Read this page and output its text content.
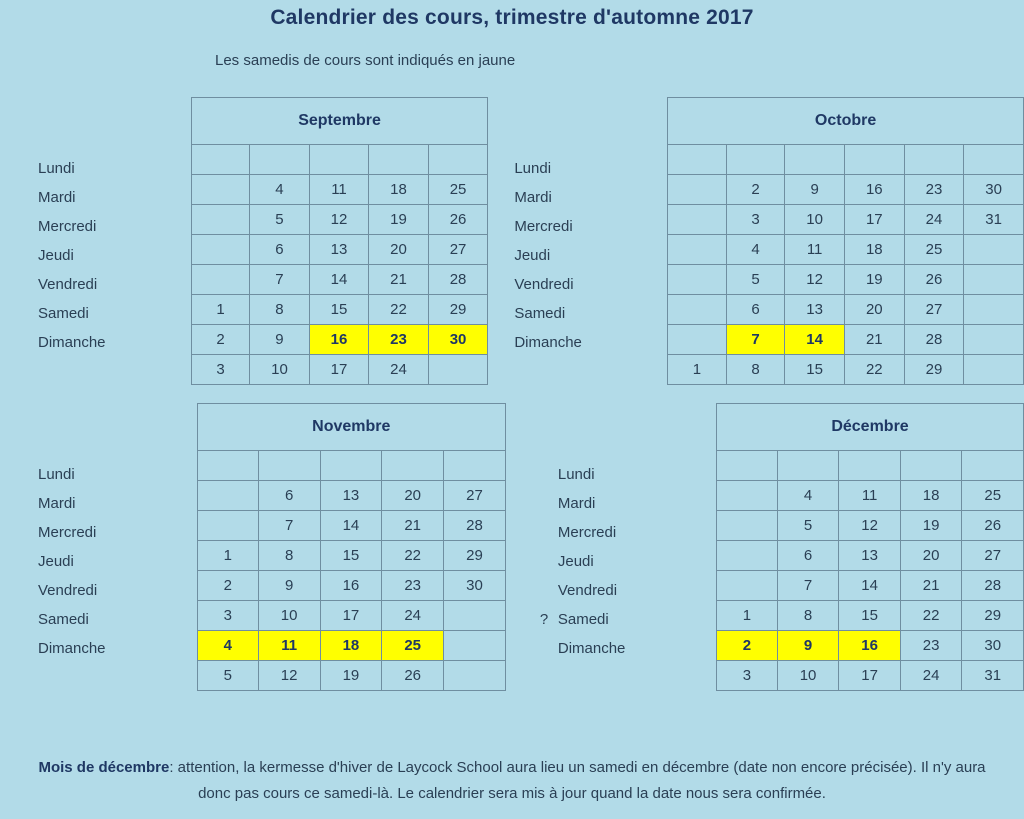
Calendrier des cours, trimestre d'automne 2017
Les samedis de cours sont indiqués en jaune
Lundi
Mardi
Mercredi
Jeudi
Vendredi
Samedi
Dimanche
Septembre				

	4	11	18	25
	5	12	19	26
	6	13	20	27
	7	14	21	28
1	8	15	22	29
2	9	16	23	30
3	10	17	24	
Lundi
Mardi
Mercredi
Jeudi
Vendredi
Samedi
Dimanche
Octobre					

	2	9	16	23	30
	3	10	17	24	31
	4	11	18	25	
	5	12	19	26	
	6	13	20	27	
	7	14	21	28	
1	8	15	22	29	
Lundi
Mardi
Mercredi
Jeudi
Vendredi
Samedi
Dimanche
Novembre				

	6	13	20	27
	7	14	21	28
1	8	15	22	29
2	9	16	23	30
3	10	17	24	
4	11	18	25	
5	12	19	26	
Lundi
Mardi
Mercredi
Jeudi
Vendredi
? Samedi
Dimanche
Décembre				

	4	11	18	25
	5	12	19	26
	6	13	20	27
	7	14	21	28
1	8	15	22	29
2	9	16	23	30
3	10	17	24	31
Mois de décembre: attention, la kermesse d'hiver de Laycock School aura lieu un samedi en décembre (date non encore précisée). Il n'y aura donc pas cours ce samedi-là. Le calendrier sera mis à jour quand la date nous sera confirmée.
